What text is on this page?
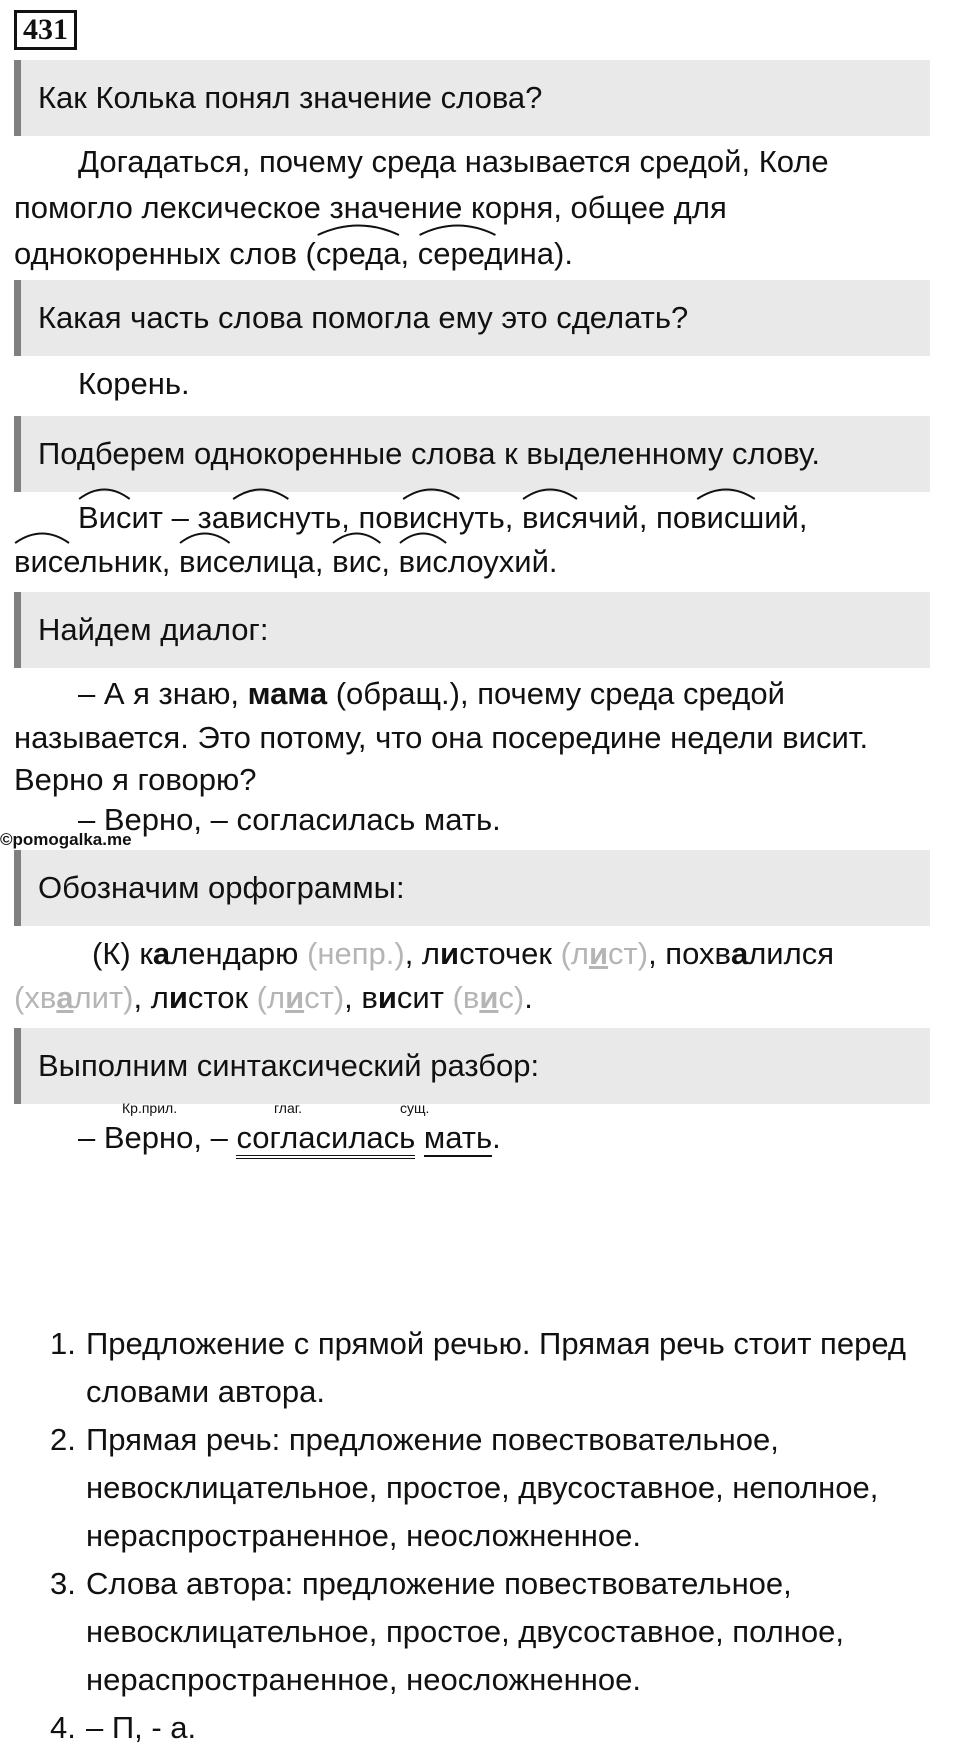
431
Как Колька понял значение слова?
Догадаться, почему среда называется средой, Коле
помогло лексическое значение корня, общее для
однокоренных слов (
среда,
середина).
Какая часть слова помогла ему это сделать?
Корень.
Подберем однокоренные слова к выделенному слову.
Висит –
зависнуть,
повиснуть,
висячий,
повисший,
висельник,
виселица,
вис,
вислоухий.
Найдем диалог:
– А я знаю, мама (обращ.), почему среда средой
называется. Это потому, что она посередине недели висит.
©pomogalka.me
Верно я говорю?
– Верно, – согласилась мать.
Обозначим орфограммы:
(К) календарю (непр.), листочек (лист), похвалился
(хвалит), листок (лист), висит (вис).
Выполним синтаксический разбор:
Кр.прил.	глаг.	сущ.
– Верно, – согласилась мать.
1. Предложение с прямой речью. Прямая речь стоит перед словами автора.
2. Прямая речь: предложение повествовательное, невосклицательное, простое, двусоставное, неполное, нераспространенное, неосложненное.
3. Слова автора: предложение повествовательное, невосклицательное, простое, двусоставное, полное, нераспространенное, неосложненное.
4. – П, - а.
